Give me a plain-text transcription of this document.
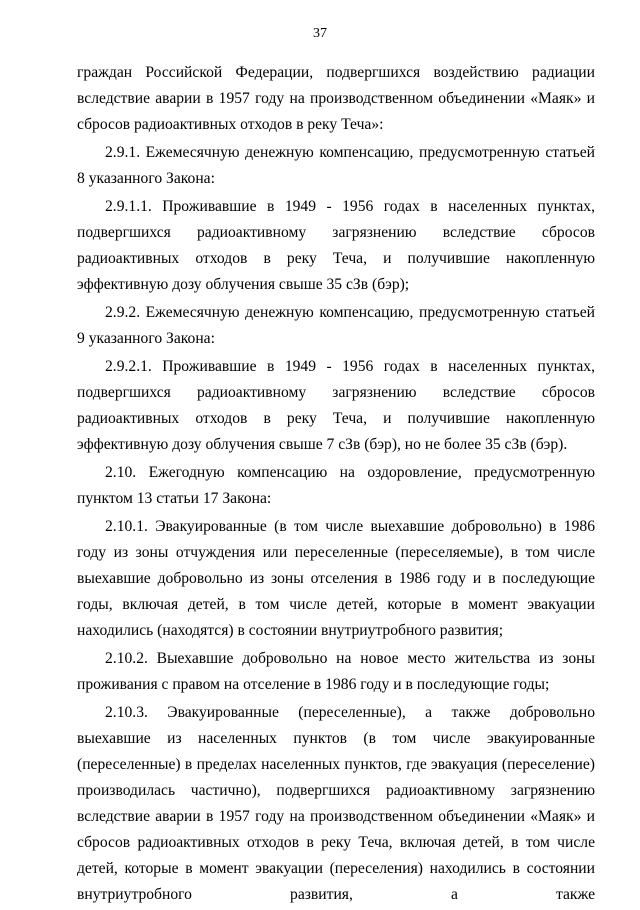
37

граждан Российской Федерации, подвергшихся воздействию радиации вследствие аварии в 1957 году на производственном объединении «Маяк» и сбросов радиоактивных отходов в реку Теча»:

2.9.1. Ежемесячную денежную компенсацию, предусмотренную статьей 8 указанного Закона:

2.9.1.1. Проживавшие в 1949 - 1956 годах в населенных пунктах, подвергшихся радиоактивному загрязнению вследствие сбросов радиоактивных отходов в реку Теча, и получившие накопленную эффективную дозу облучения свыше 35 сЗв (бэр);

2.9.2. Ежемесячную денежную компенсацию, предусмотренную статьей 9 указанного Закона:

2.9.2.1. Проживавшие в 1949 - 1956 годах в населенных пунктах, подвергшихся радиоактивному загрязнению вследствие сбросов радиоактивных отходов в реку Теча, и получившие накопленную эффективную дозу облучения свыше 7 сЗв (бэр), но не более 35 сЗв (бэр).

2.10. Ежегодную компенсацию на оздоровление, предусмотренную пунктом 13 статьи 17 Закона:

2.10.1. Эвакуированные (в том числе выехавшие добровольно) в 1986 году из зоны отчуждения или переселенные (переселяемые), в том числе выехавшие добровольно из зоны отселения в 1986 году и в последующие годы, включая детей, в том числе детей, которые в момент эвакуации находились (находятся) в состоянии внутриутробного развития;

2.10.2. Выехавшие добровольно на новое место жительства из зоны проживания с правом на отселение в 1986 году и в последующие годы;

2.10.3. Эвакуированные (переселенные), а также добровольно выехавшие из населенных пунктов (в том числе эвакуированные (переселенные) в пределах населенных пунктов, где эвакуация (переселение) производилась частично), подвергшихся радиоактивному загрязнению вследствие аварии в 1957 году на производственном объединении «Маяк» и сбросов радиоактивных отходов в реку Теча, включая детей, в том числе детей, которые в момент эвакуации (переселения) находились в состоянии внутриутробного развития, а также
